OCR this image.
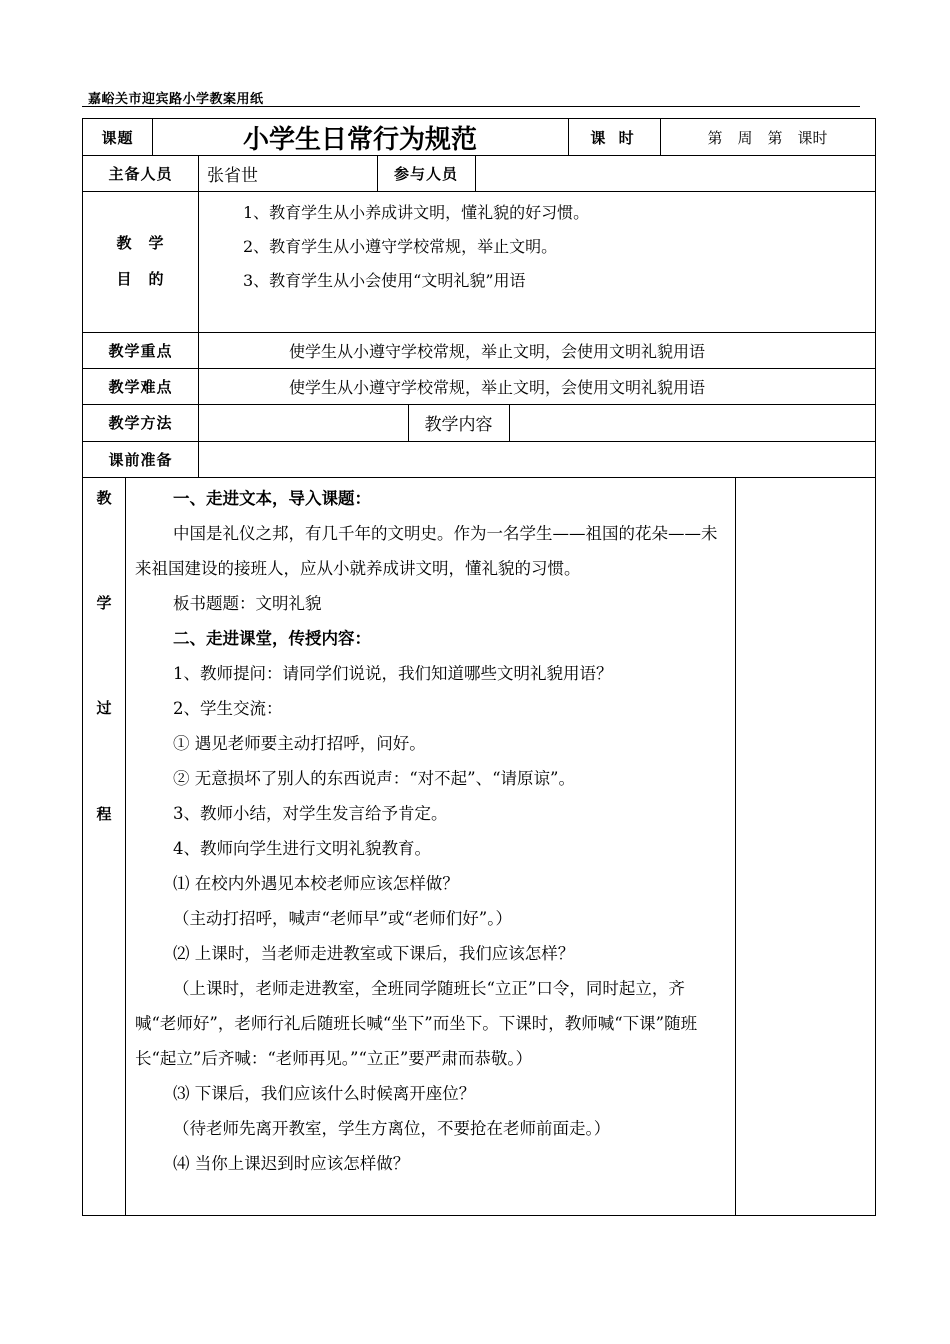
嘉峪关市迎宾路小学教案用纸
课题	小学生日常行为规范	课 时	第　周　第　课时
主备人员	张省世	参与人员
教　学
目　的
1、教育学生从小养成讲文明，懂礼貌的好习惯。
2、教育学生从小遵守学校常规，举止文明。
3、教育学生从小会使用“文明礼貌”用语
教学重点	使学生从小遵守学校常规，举止文明，会使用文明礼貌用语
教学难点	使学生从小遵守学校常规，举止文明，会使用文明礼貌用语
教学方法	教学内容
课前准备
教
学
过
程

一、走进文本，导入课题：

中国是礼仪之邦，有几千年的文明史。作为一名学生——祖国的花朵——未来祖国建设的接班人，应从小就养成讲文明，懂礼貌的习惯。

板书题题：文明礼貌

二、走进课堂，传授内容：

1、教师提问：请同学们说说，我们知道哪些文明礼貌用语？

2、学生交流：

① 遇见老师要主动打招呼，问好。

② 无意损坏了别人的东西说声：“对不起”、“请原谅”。

3、教师小结，对学生发言给予肯定。

4、教师向学生进行文明礼貌教育。

⑴ 在校内外遇见本校老师应该怎样做？

（主动打招呼，喊声“老师早”或“老师们好”。）

⑵ 上课时，当老师走进教室或下课后，我们应该怎样？

（上课时，老师走进教室，全班同学随班长“立正”口令，同时起立，齐喊“老师好”，老师行礼后随班长喊“坐下”而坐下。下课时，教师喊“下课”随班长“起立”后齐喊：“老师再见。”“立正”要严肃而恭敬。）

⑶ 下课后，我们应该什么时候离开座位？

（待老师先离开教室，学生方离位，不要抢在老师前面走。）

⑷ 当你上课迟到时应该怎样做？
